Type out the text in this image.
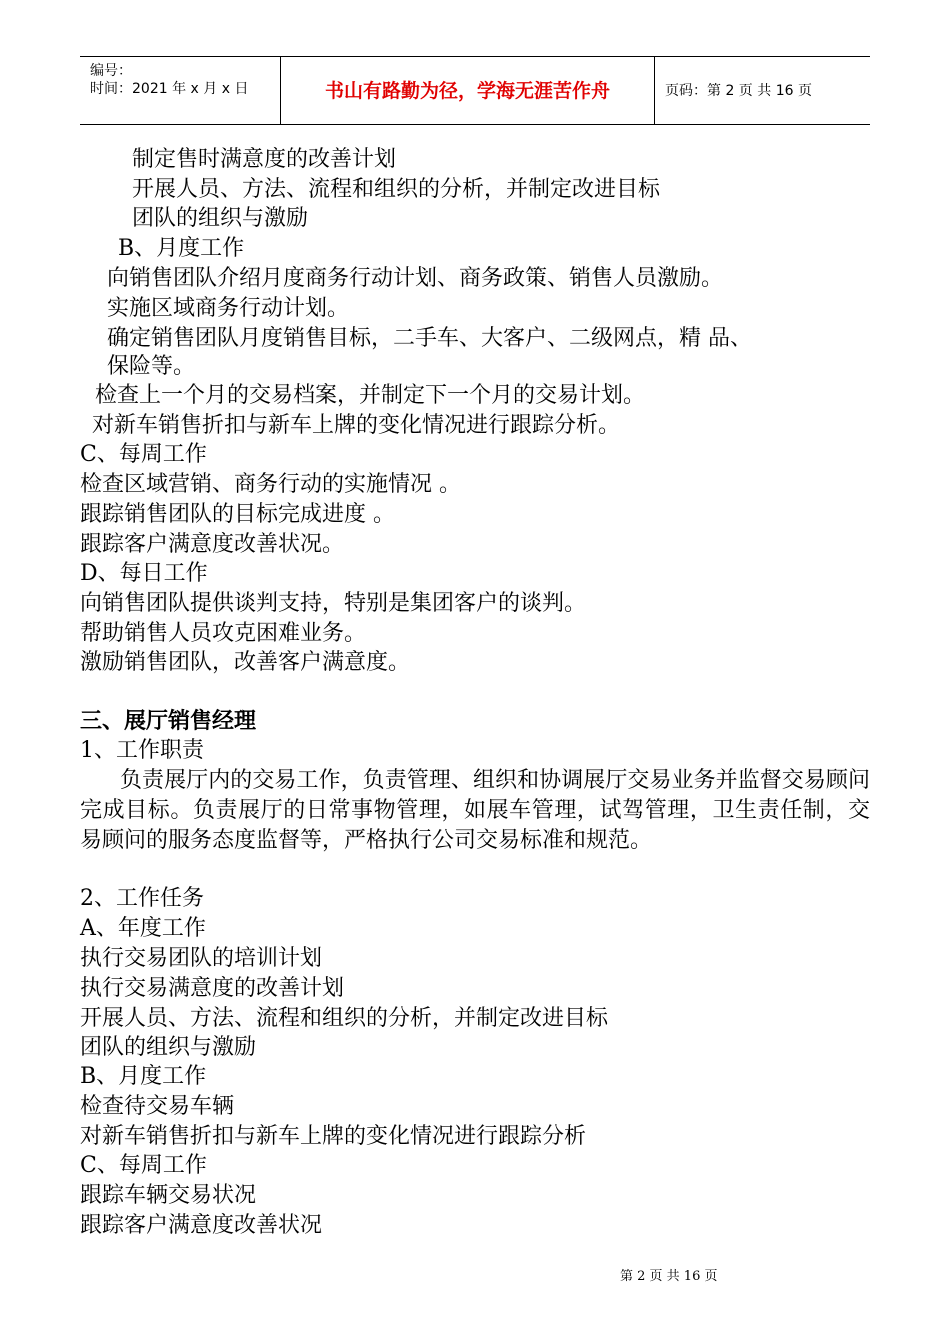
编号：
时间：2021 年 x 月 x 日	书山有路勤为径，学海无涯苦作舟	页码：第 2 页 共 16 页
制定售时满意度的改善计划
开展人员、方法、流程和组织的分析，并制定改进目标
团队的组织与激励
B、月度工作
向销售团队介绍月度商务行动计划、商务政策、销售人员激励。
实施区域商务行动计划。
确定销售团队月度销售目标，二手车、大客户、二级网点，精 品、
保险等。
检查上一个月的交易档案，并制定下一个月的交易计划。
对新车销售折扣与新车上牌的变化情况进行跟踪分析。
C、每周工作
检查区域营销、商务行动的实施情况 。
跟踪销售团队的目标完成进度 。
跟踪客户满意度改善状况。
D、每日工作
向销售团队提供谈判支持，特别是集团客户的谈判。
帮助销售人员攻克困难业务。
激励销售团队，改善客户满意度。
三、展厅销售经理
1、工作职责
负责展厅内的交易工作，负责管理、组织和协调展厅交易业务并监督交易顾问完成目标。负责展厅的日常事物管理，如展车管理，试驾管理，卫生责任制，交易顾问的服务态度监督等，严格执行公司交易标准和规范。
2、工作任务
A、年度工作
执行交易团队的培训计划
执行交易满意度的改善计划
开展人员、方法、流程和组织的分析，并制定改进目标
团队的组织与激励
B、月度工作
检查待交易车辆
对新车销售折扣与新车上牌的变化情况进行跟踪分析
C、每周工作
跟踪车辆交易状况
跟踪客户满意度改善状况
第 2 页 共 16 页
